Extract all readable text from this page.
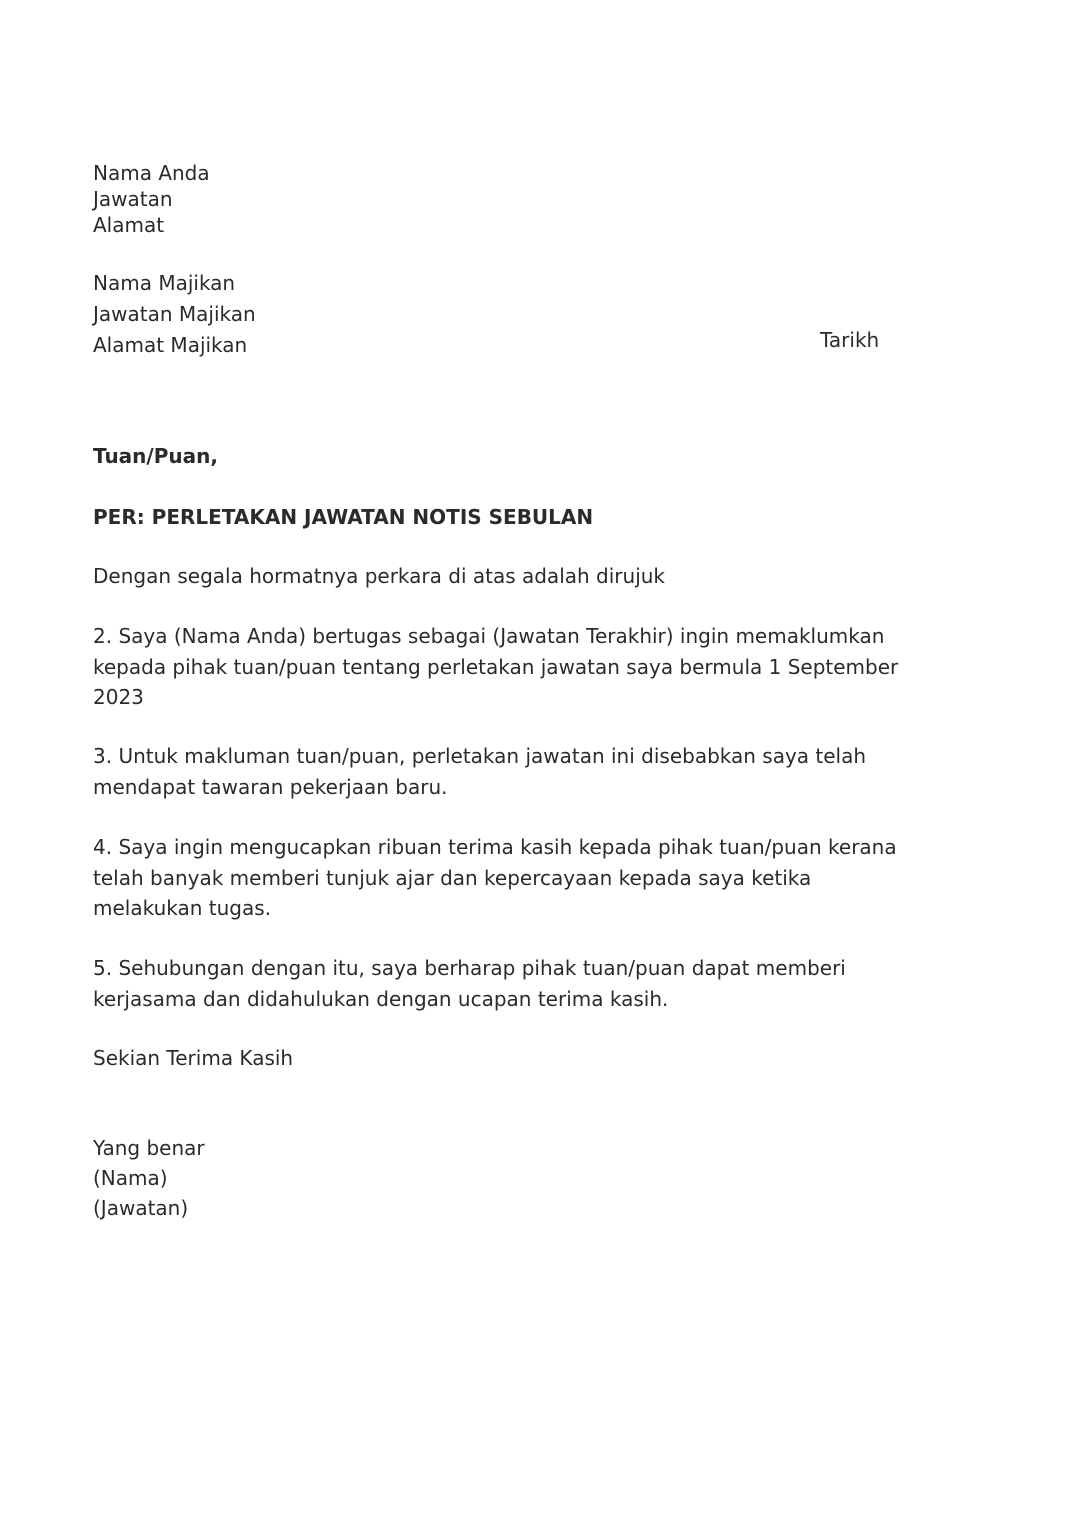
Nama Anda
Jawatan
Alamat
Nama Majikan
Jawatan Majikan
Alamat Majikan	Tarikh
Tuan/Puan,
PER: PERLETAKAN JAWATAN NOTIS SEBULAN
Dengan segala hormatnya perkara di atas adalah dirujuk
2. Saya (Nama Anda) bertugas sebagai (Jawatan Terakhir) ingin memaklumkan kepada pihak tuan/puan tentang perletakan jawatan saya bermula 1 September 2023
3. Untuk makluman tuan/puan, perletakan jawatan ini disebabkan saya telah mendapat tawaran pekerjaan baru.
4. Saya ingin mengucapkan ribuan terima kasih kepada pihak tuan/puan kerana telah banyak memberi tunjuk ajar dan kepercayaan kepada saya ketika melakukan tugas.
5. Sehubungan dengan itu, saya berharap pihak tuan/puan dapat memberi kerjasama dan didahulukan dengan ucapan terima kasih.
Sekian Terima Kasih
Yang benar
(Nama)
(Jawatan)
